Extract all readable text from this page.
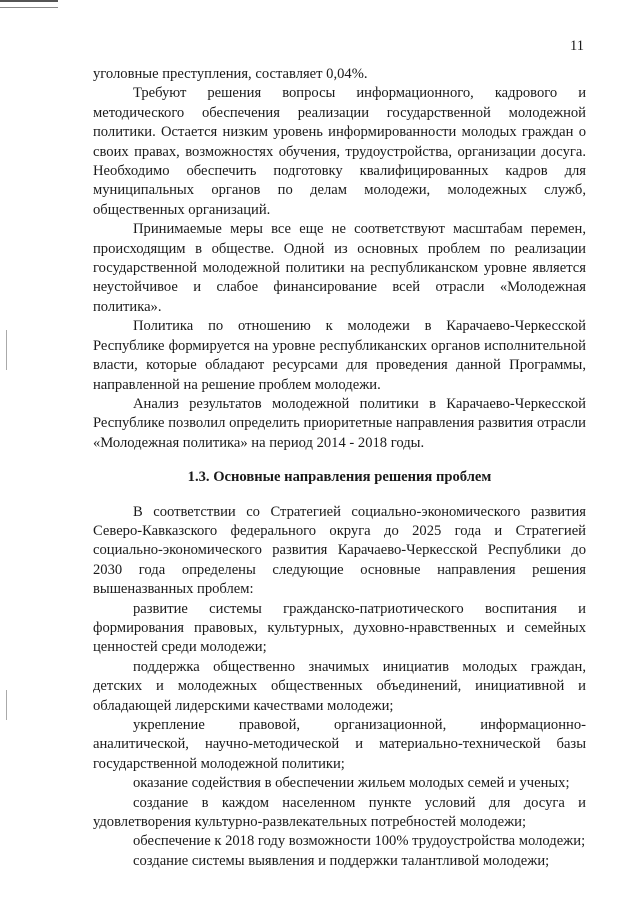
11

уголовные преступления, составляет 0,04%.

Требуют решения вопросы информационного, кадрового и методического обеспечения реализации государственной молодежной политики. Остается низким уровень информированности молодых граждан о своих правах, возможностях обучения, трудоустройства, организации досуга. Необходимо обеспечить подготовку квалифицированных кадров для муниципальных органов по делам молодежи, молодежных служб, общественных организаций.

Принимаемые меры все еще не соответствуют масштабам перемен, происходящим в обществе. Одной из основных проблем по реализации государственной молодежной политики на республиканском уровне является неустойчивое и слабое финансирование всей отрасли «Молодежная политика».

Политика по отношению к молодежи в Карачаево-Черкесской Республике формируется на уровне республиканских органов исполнительной власти, которые обладают ресурсами для проведения данной Программы, направленной на решение проблем молодежи.

Анализ результатов молодежной политики в Карачаево-Черкесской Республике позволил определить приоритетные направления развития отрасли «Молодежная политика» на период 2014 - 2018 годы.

1.3. Основные направления решения проблем

В соответствии со Стратегией социально-экономического развития Северо-Кавказского федерального округа до 2025 года и Стратегией социально-экономического развития Карачаево-Черкесской Республики до 2030 года определены следующие основные направления решения вышеназванных проблем:

развитие системы гражданско-патриотического воспитания и формирования правовых, культурных, духовно-нравственных и семейных ценностей среди молодежи;

поддержка общественно значимых инициатив молодых граждан, детских и молодежных общественных объединений, инициативной и обладающей лидерскими качествами молодежи;

укрепление правовой, организационной, информационно-аналитической, научно-методической и материально-технической базы государственной молодежной политики;

оказание содействия в обеспечении жильем молодых семей и ученых;

создание в каждом населенном пункте условий для досуга и удовлетворения культурно-развлекательных потребностей молодежи;

обеспечение к 2018 году возможности 100% трудоустройства молодежи;

создание системы выявления и поддержки талантливой молодежи;
